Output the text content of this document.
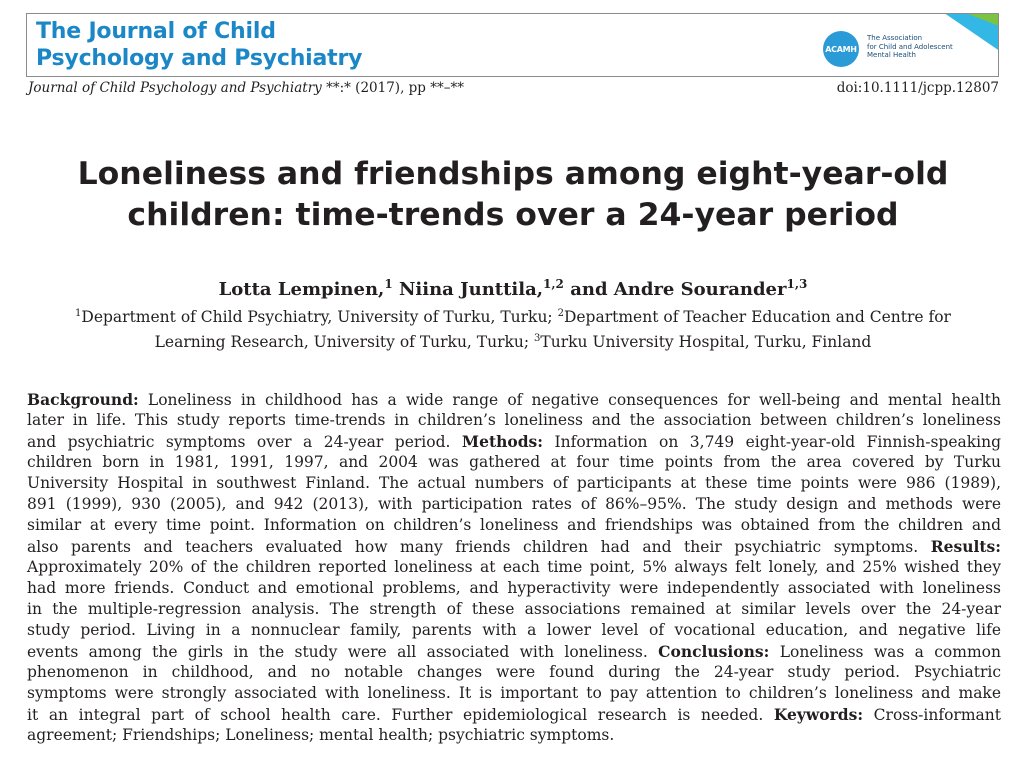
The Journal of Child
Psychology and Psychiatry	ACAMH
The Association
for Child and Adolescent
Mental Health
Journal of Child Psychology and Psychiatry **:* (2017), pp **–**	doi:10.1111/jcpp.12807
Loneliness and friendships among eight-year-old
children: time-trends over a 24-year period
Lotta Lempinen,$^1$ Niina Junttila,$^{1,2}$ and Andre Sourander$^{1,3}$
$^1$Department of Child Psychiatry, University of Turku, Turku; $^2$Department of Teacher Education and Centre for
Learning Research, University of Turku, Turku; $^3$Turku University Hospital, Turku, Finland
Background: Loneliness in childhood has a wide range of negative consequences for well-being and mental health
later in life. This study reports time-trends in children’s loneliness and the association between children’s loneliness
and psychiatric symptoms over a 24-year period. Methods: Information on 3,749 eight-year-old Finnish-speaking
children born in 1981, 1991, 1997, and 2004 was gathered at four time points from the area covered by Turku
University Hospital in southwest Finland. The actual numbers of participants at these time points were 986 (1989),
891 (1999), 930 (2005), and 942 (2013), with participation rates of 86%–95%. The study design and methods were
similar at every time point. Information on children’s loneliness and friendships was obtained from the children and
also parents and teachers evaluated how many friends children had and their psychiatric symptoms. Results:
Approximately 20% of the children reported loneliness at each time point, 5% always felt lonely, and 25% wished they
had more friends. Conduct and emotional problems, and hyperactivity were independently associated with loneliness
in the multiple-regression analysis. The strength of these associations remained at similar levels over the 24-year
study period. Living in a nonnuclear family, parents with a lower level of vocational education, and negative life
events among the girls in the study were all associated with loneliness. Conclusions: Loneliness was a common
phenomenon in childhood, and no notable changes were found during the 24-year study period. Psychiatric
symptoms were strongly associated with loneliness. It is important to pay attention to children’s loneliness and make
it an integral part of school health care. Further epidemiological research is needed. Keywords: Cross-informant
agreement; Friendships; Loneliness; mental health; psychiatric symptoms.
